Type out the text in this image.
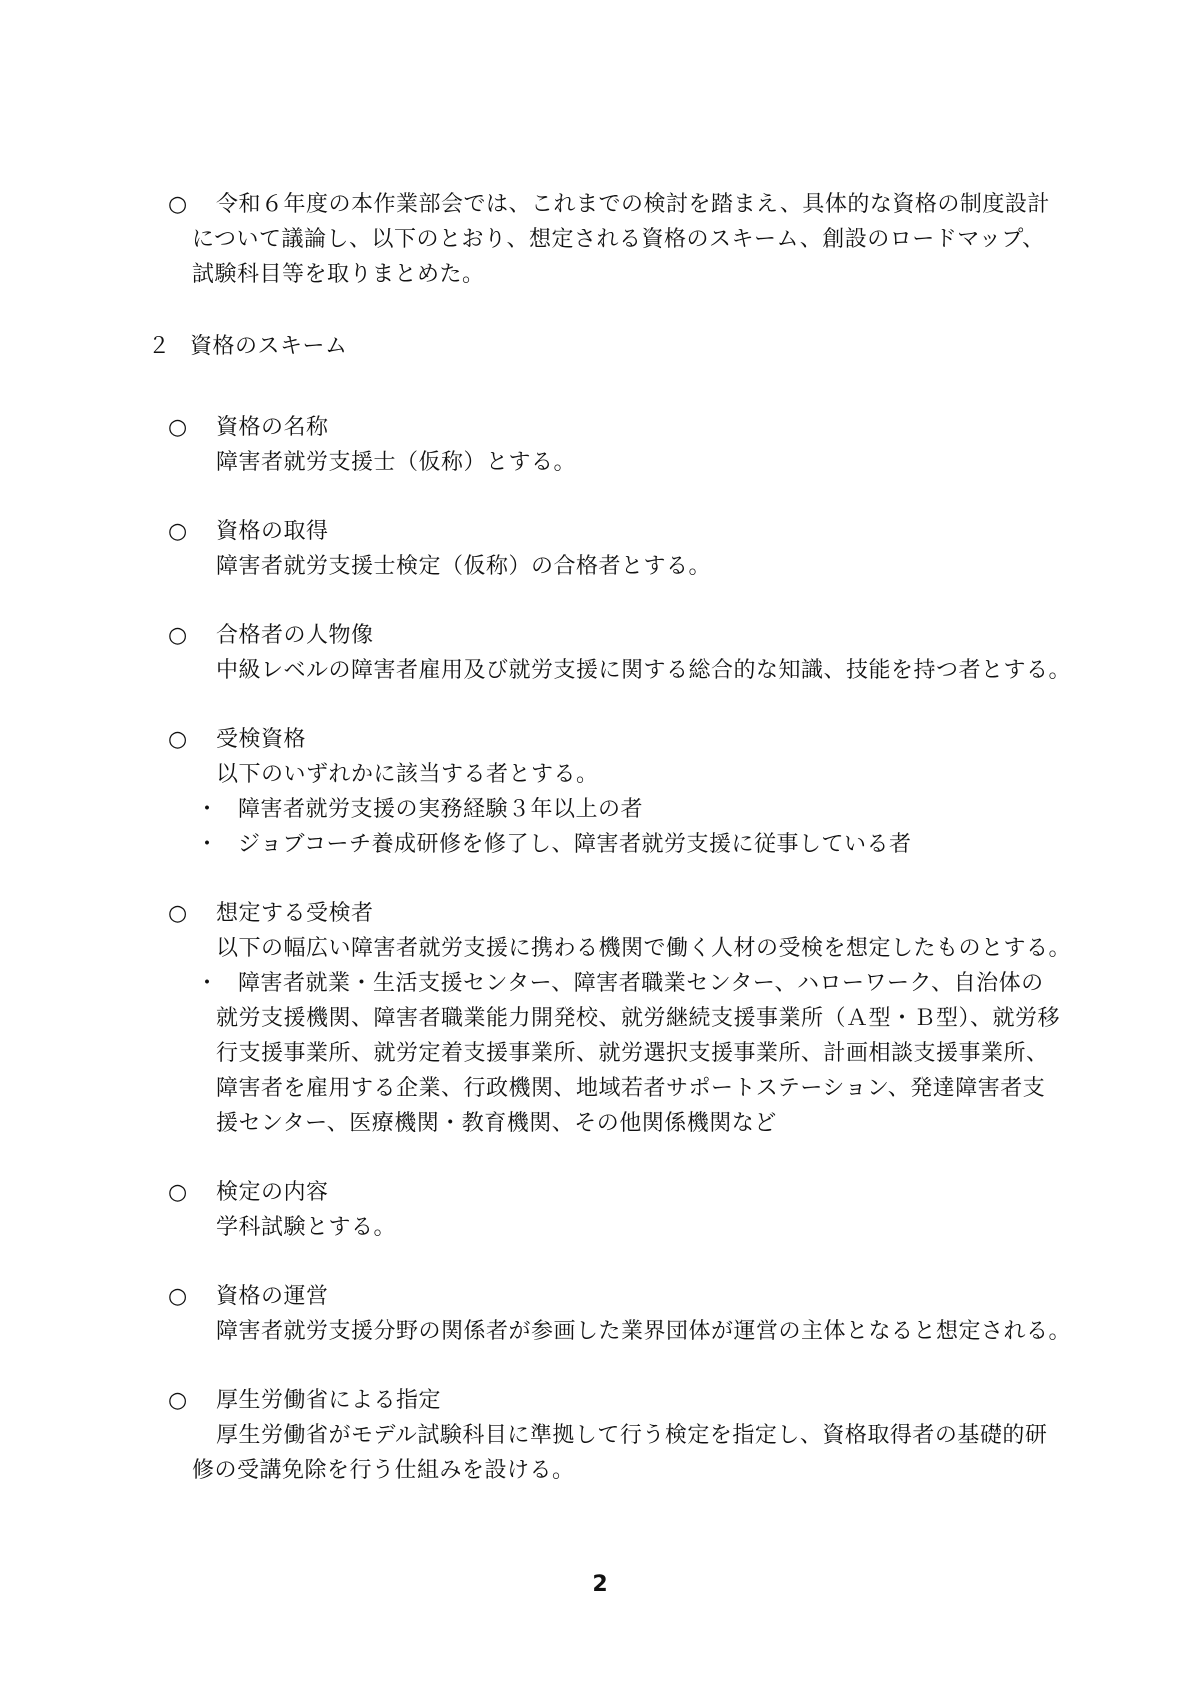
○ 令和６年度の本作業部会では、これまでの検討を踏まえ、具体的な資格の制度設計
について議論し、以下のとおり、想定される資格のスキーム、創設のロードマップ、
試験科目等を取りまとめた。
２ 資格のスキーム
○ 資格の名称
障害者就労支援士（仮称）とする。
○ 資格の取得
障害者就労支援士検定（仮称）の合格者とする。
○ 合格者の人物像
中級レベルの障害者雇用及び就労支援に関する総合的な知識、技能を持つ者とする。
○ 受検資格
以下のいずれかに該当する者とする。
・ 障害者就労支援の実務経験３年以上の者
・ ジョブコーチ養成研修を修了し、障害者就労支援に従事している者
○ 想定する受検者
以下の幅広い障害者就労支援に携わる機関で働く人材の受検を想定したものとする。
・ 障害者就業・生活支援センター、障害者職業センター、ハローワーク、自治体の
就労支援機関、障害者職業能力開発校、就労継続支援事業所（Ａ型・Ｂ型）、就労移
行支援事業所、就労定着支援事業所、就労選択支援事業所、計画相談支援事業所、
障害者を雇用する企業、行政機関、地域若者サポートステーション、発達障害者支
援センター、医療機関・教育機関、その他関係機関など
○ 検定の内容
学科試験とする。
○ 資格の運営
障害者就労支援分野の関係者が参画した業界団体が運営の主体となると想定される。
○ 厚生労働省による指定
厚生労働省がモデル試験科目に準拠して行う検定を指定し、資格取得者の基礎的研
修の受講免除を行う仕組みを設ける。
2
